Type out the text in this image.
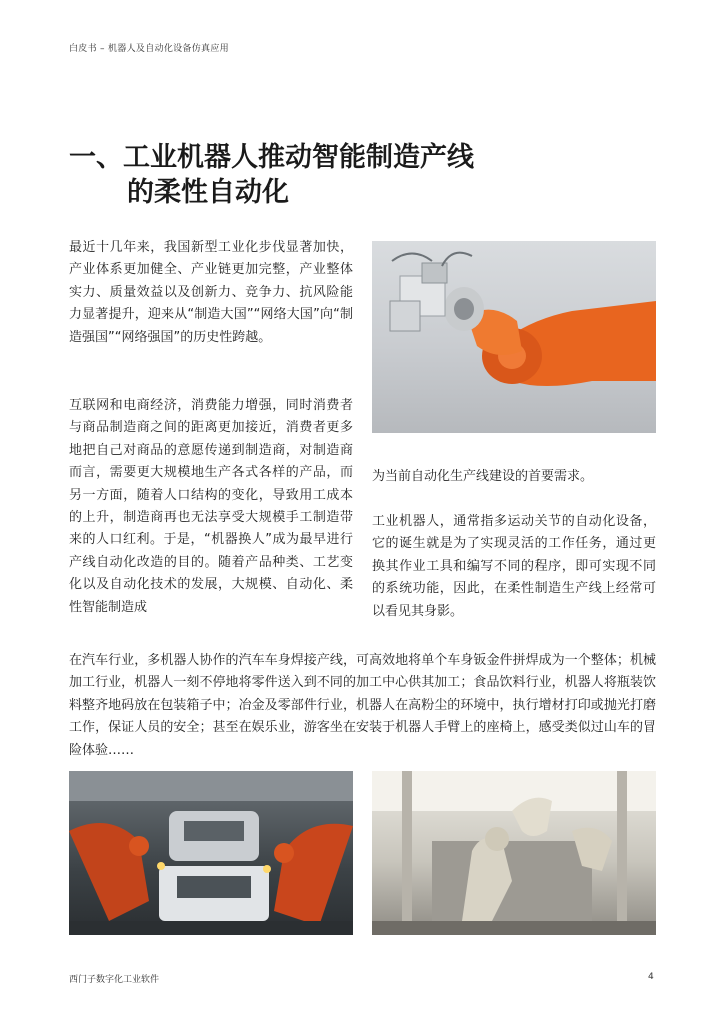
白皮书 – 机器人及自动化设备仿真应用
一、工业机器人推动智能制造产线
的柔性自动化

最近十几年来，我国新型工业化步伐显著加快，产业体系更加健全、产业链更加完整，产业整体实力、质量效益以及创新力、竞争力、抗风险能力显著提升，迎来从“制造大国”“网络大国”向“制造强国”“网络强国”的历史性跨越。

互联网和电商经济，消费能力增强，同时消费者与商品制造商之间的距离更加接近，消费者更多地把自己对商品的意愿传递到制造商，对制造商而言，需要更大规模地生产各式各样的产品，而另一方面，随着人口结构的变化，导致用工成本的上升，制造商再也无法享受大规模手工制造带来的人口红利。于是，“机器换人”成为最早进行产线自动化改造的目的。随着产品种类、工艺变化以及自动化技术的发展，大规模、自动化、柔性智能制造成

为当前自动化生产线建设的首要需求。

工业机器人，通常指多运动关节的自动化设备，它的诞生就是为了实现灵活的工作任务，通过更换其作业工具和编写不同的程序，即可实现不同的系统功能，因此，在柔性制造生产线上经常可以看见其身影。

在汽车行业，多机器人协作的汽车车身焊接产线，可高效地将单个车身钣金件拼焊成为一个整体；机械加工行业，机器人一刻不停地将零件送入到不同的加工中心供其加工；食品饮料行业，机器人将瓶装饮料整齐地码放在包装箱子中；冶金及零部件行业，机器人在高粉尘的环境中，执行增材打印或抛光打磨工作，保证人员的安全；甚至在娱乐业，游客坐在安装于机器人手臂上的座椅上，感受类似过山车的冒险体验……

西门子数字化工业软件	4
